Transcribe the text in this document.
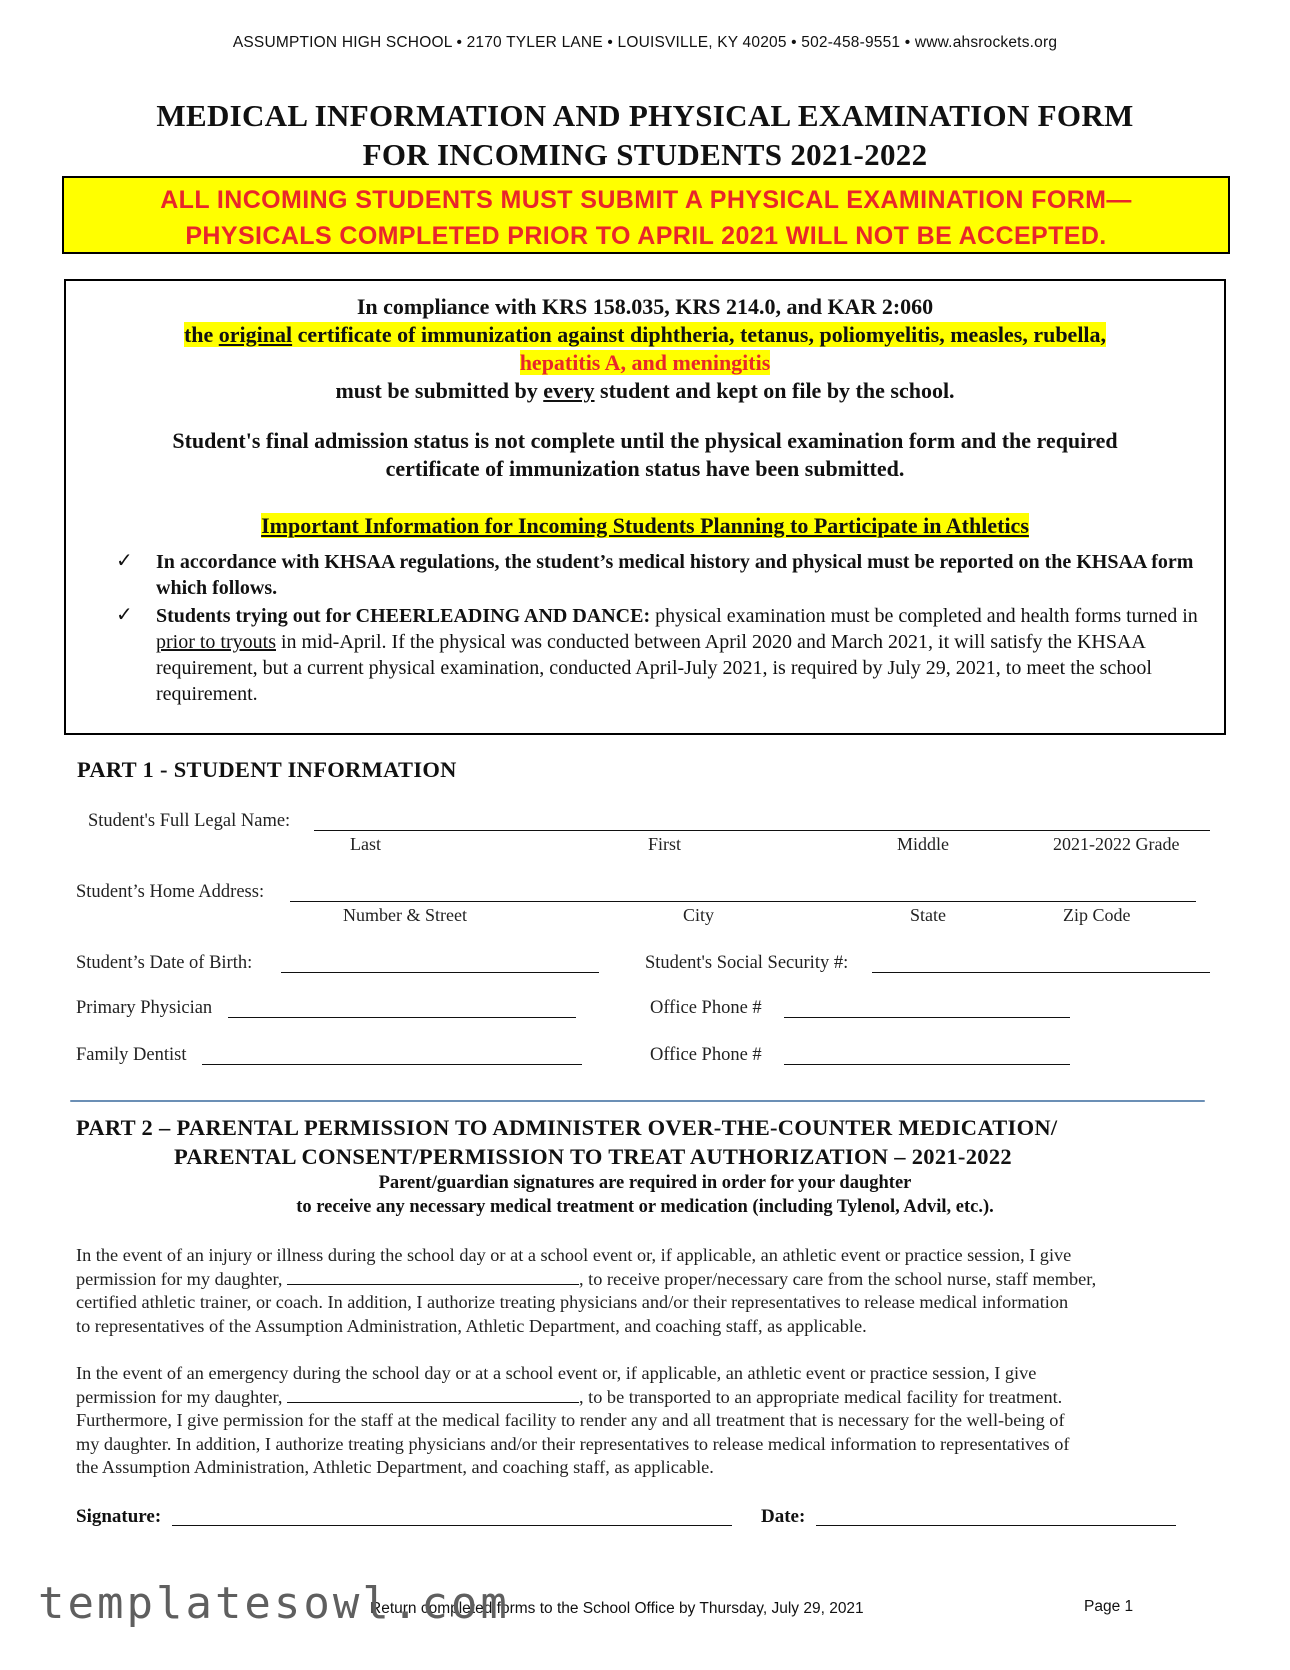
ASSUMPTION HIGH SCHOOL • 2170 TYLER LANE • LOUISVILLE, KY 40205 • 502-458-9551 • www.ahsrockets.org
MEDICAL INFORMATION AND PHYSICAL EXAMINATION FORM
FOR INCOMING STUDENTS 2021-2022
ALL INCOMING STUDENTS MUST SUBMIT A PHYSICAL EXAMINATION FORM—
PHYSICALS COMPLETED PRIOR TO APRIL 2021 WILL NOT BE ACCEPTED.
In compliance with KRS 158.035, KRS 214.0, and KAR 2:060
the original certificate of immunization against diphtheria, tetanus, poliomyelitis, measles, rubella,
hepatitis A, and meningitis
must be submitted by every student and kept on file by the school.
Student's final admission status is not complete until the physical examination form and the required
certificate of immunization status have been submitted.
Important Information for Incoming Students Planning to Participate in Athletics
✓ In accordance with KHSAA regulations, the student’s medical history and physical must be reported on the KHSAA form which follows.
✓ Students trying out for CHEERLEADING AND DANCE: physical examination must be completed and health forms turned in prior to tryouts in mid-April. If the physical was conducted between April 2020 and March 2021, it will satisfy the KHSAA requirement, but a current physical examination, conducted April-July 2021, is required by July 29, 2021, to meet the school requirement.
PART 1 - STUDENT INFORMATION
Student's Full Legal Name:
Last	First	Middle	2021-2022 Grade
Student’s Home Address:
Number & Street	City	State	Zip Code
Student’s Date of Birth:	Student's Social Security #:
Primary Physician	Office Phone #
Family Dentist	Office Phone #
PART 2 – PARENTAL PERMISSION TO ADMINISTER OVER-THE-COUNTER MEDICATION/
PARENTAL CONSENT/PERMISSION TO TREAT AUTHORIZATION – 2021-2022
Parent/guardian signatures are required in order for your daughter
to receive any necessary medical treatment or medication (including Tylenol, Advil, etc.).
In the event of an injury or illness during the school day or at a school event or, if applicable, an athletic event or practice session, I give
permission for my daughter,	, to receive proper/necessary care from the school nurse, staff member,
certified athletic trainer, or coach. In addition, I authorize treating physicians and/or their representatives to release medical information
to representatives of the Assumption Administration, Athletic Department, and coaching staff, as applicable.
In the event of an emergency during the school day or at a school event or, if applicable, an athletic event or practice session, I give
permission for my daughter,	, to be transported to an appropriate medical facility for treatment.
Furthermore, I give permission for the staff at the medical facility to render any and all treatment that is necessary for the well-being of
my daughter. In addition, I authorize treating physicians and/or their representatives to release medical information to representatives of
the Assumption Administration, Athletic Department, and coaching staff, as applicable.
Signature:	Date:
Return completed forms to the School Office by Thursday, July 29, 2021
templatesowl.com	Page 1
